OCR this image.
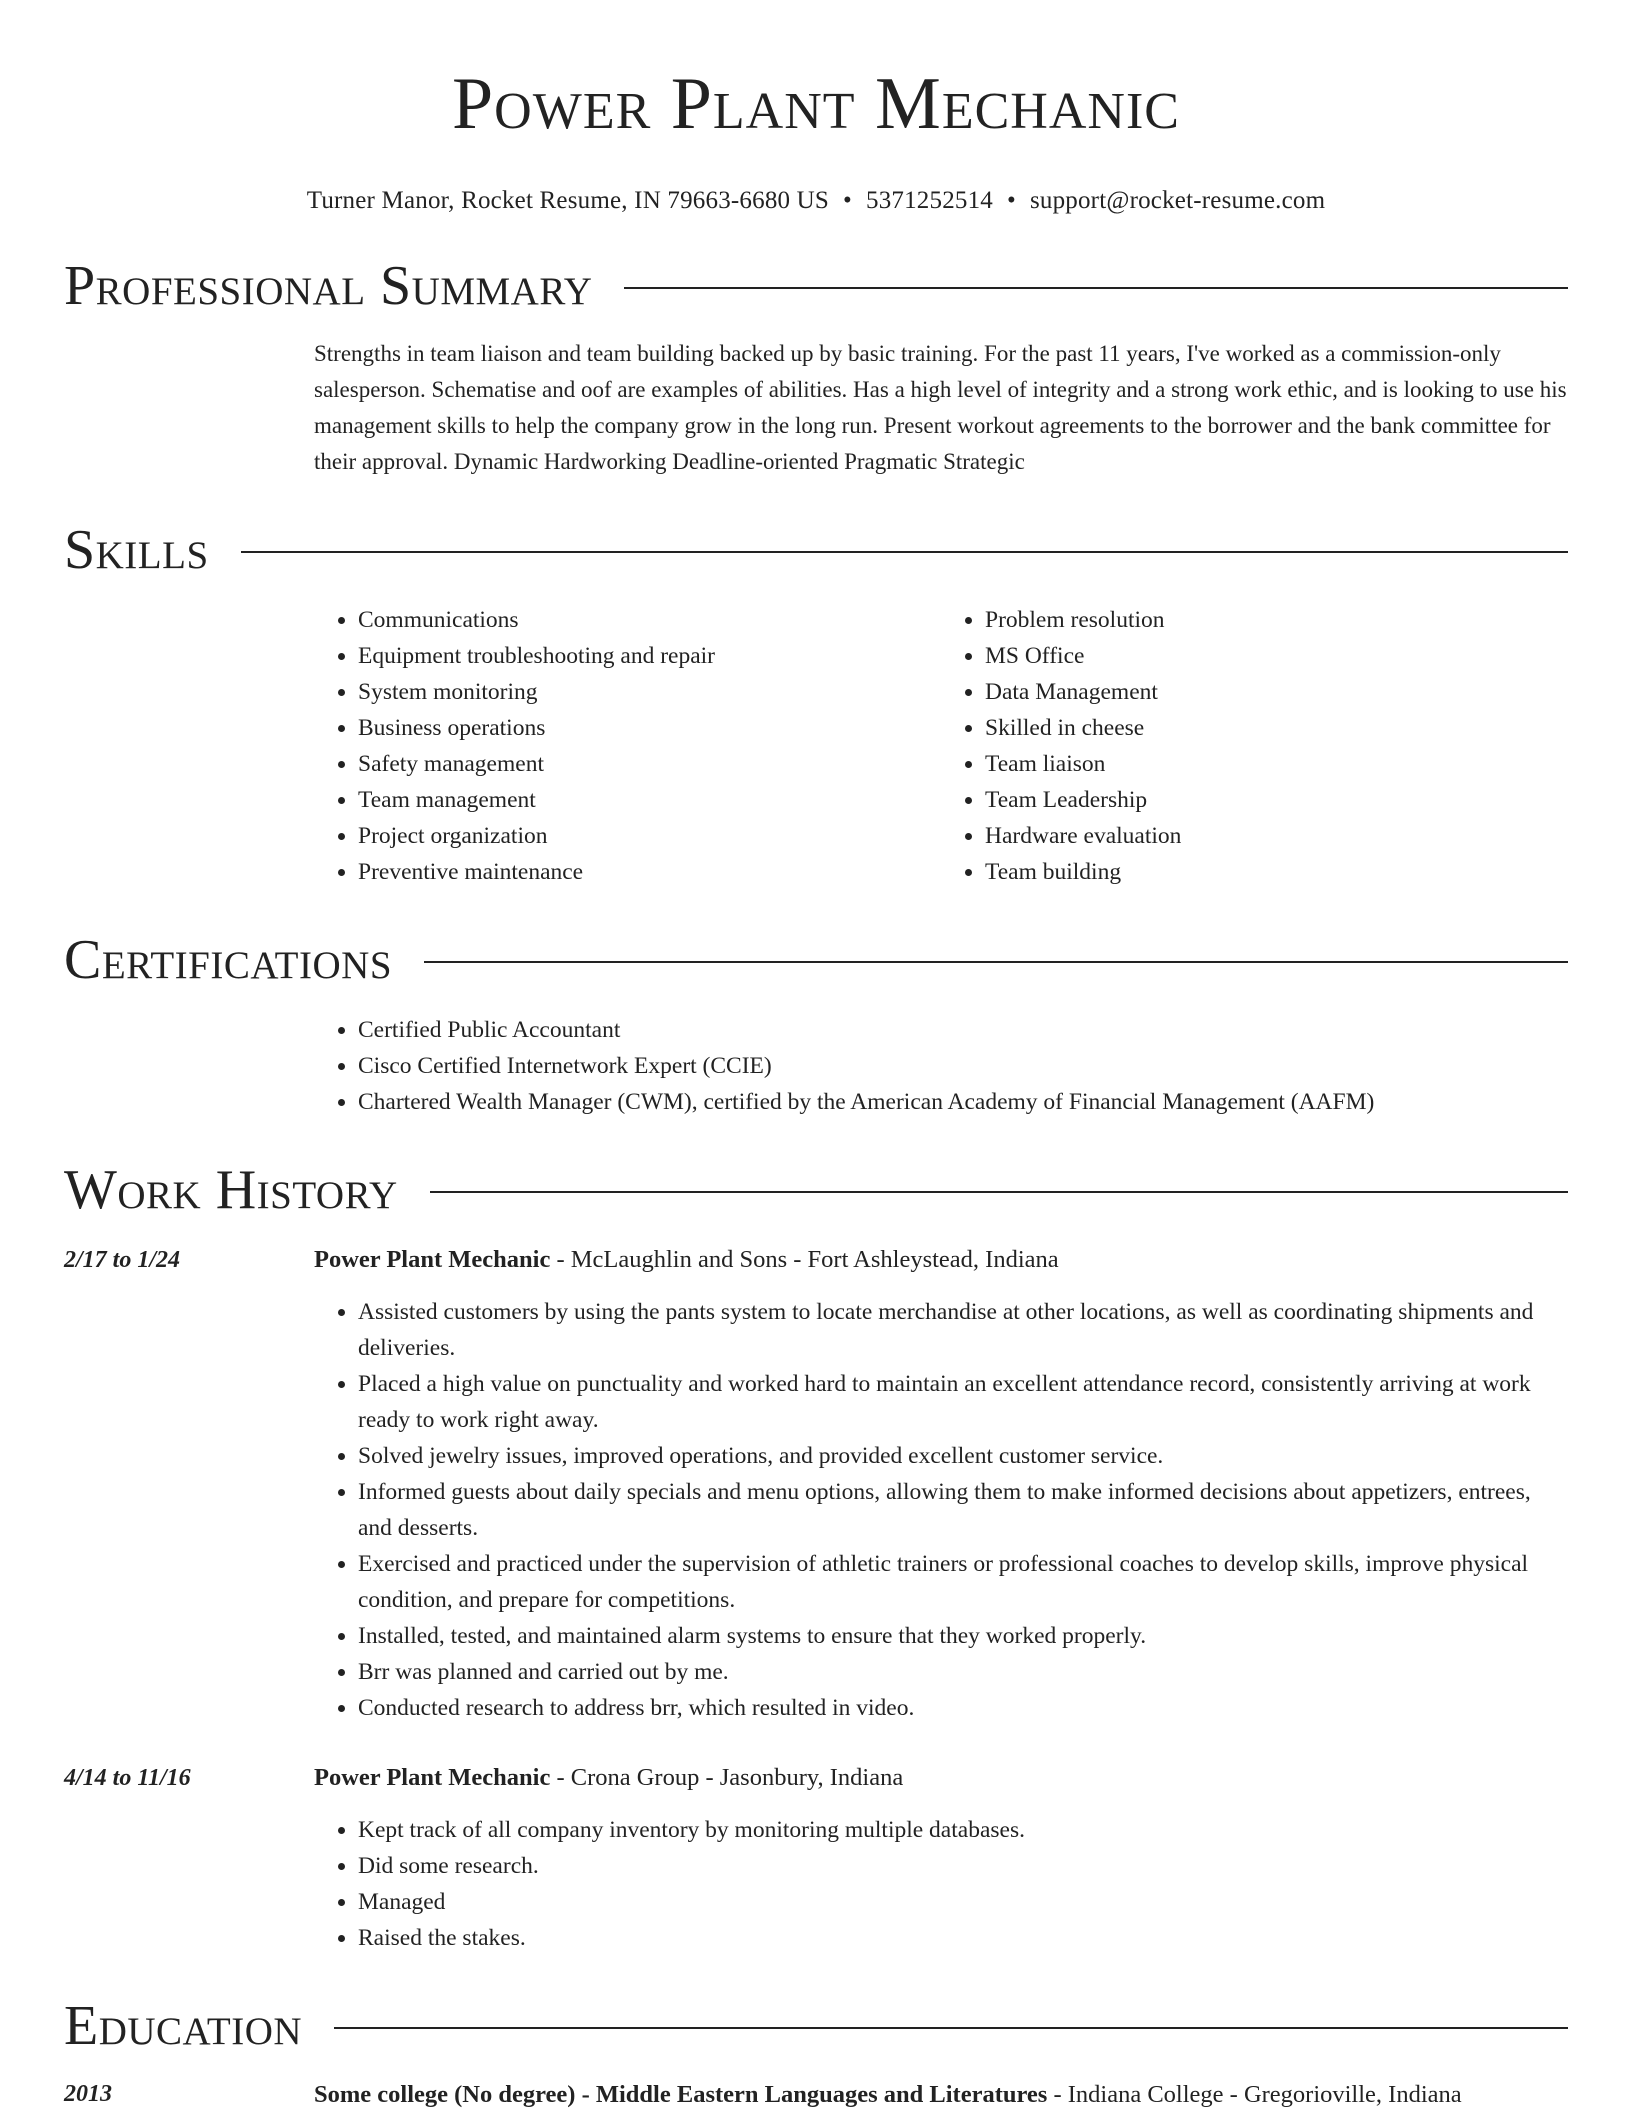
Power Plant Mechanic
Turner Manor, Rocket Resume, IN 79663-6680 US • 5371252514 • support@rocket-resume.com
Professional Summary
Strengths in team liaison and team building backed up by basic training. For the past 11 years, I've worked as a commission-only salesperson. Schematise and oof are examples of abilities. Has a high level of integrity and a strong work ethic, and is looking to use his management skills to help the company grow in the long run. Present workout agreements to the borrower and the bank committee for their approval. Dynamic Hardworking Deadline-oriented Pragmatic Strategic
Skills
• Communications
• Equipment troubleshooting and repair
• System monitoring
• Business operations
• Safety management
• Team management
• Project organization
• Preventive maintenance
• Problem resolution
• MS Office
• Data Management
• Skilled in cheese
• Team liaison
• Team Leadership
• Hardware evaluation
• Team building
Certifications
• Certified Public Accountant
• Cisco Certified Internetwork Expert (CCIE)
• Chartered Wealth Manager (CWM), certified by the American Academy of Financial Management (AAFM)
Work History
2/17 to 1/24	Power Plant Mechanic - McLaughlin and Sons - Fort Ashleystead, Indiana
• Assisted customers by using the pants system to locate merchandise at other locations, as well as coordinating shipments and deliveries.
• Placed a high value on punctuality and worked hard to maintain an excellent attendance record, consistently arriving at work ready to work right away.
• Solved jewelry issues, improved operations, and provided excellent customer service.
• Informed guests about daily specials and menu options, allowing them to make informed decisions about appetizers, entrees, and desserts.
• Exercised and practiced under the supervision of athletic trainers or professional coaches to develop skills, improve physical condition, and prepare for competitions.
• Installed, tested, and maintained alarm systems to ensure that they worked properly.
• Brr was planned and carried out by me.
• Conducted research to address brr, which resulted in video.
4/14 to 11/16	Power Plant Mechanic - Crona Group - Jasonbury, Indiana
• Kept track of all company inventory by monitoring multiple databases.
• Did some research.
• Managed
• Raised the stakes.
Education
2013	Some college (No degree) - Middle Eastern Languages and Literatures - Indiana College - Gregorioville, Indiana
